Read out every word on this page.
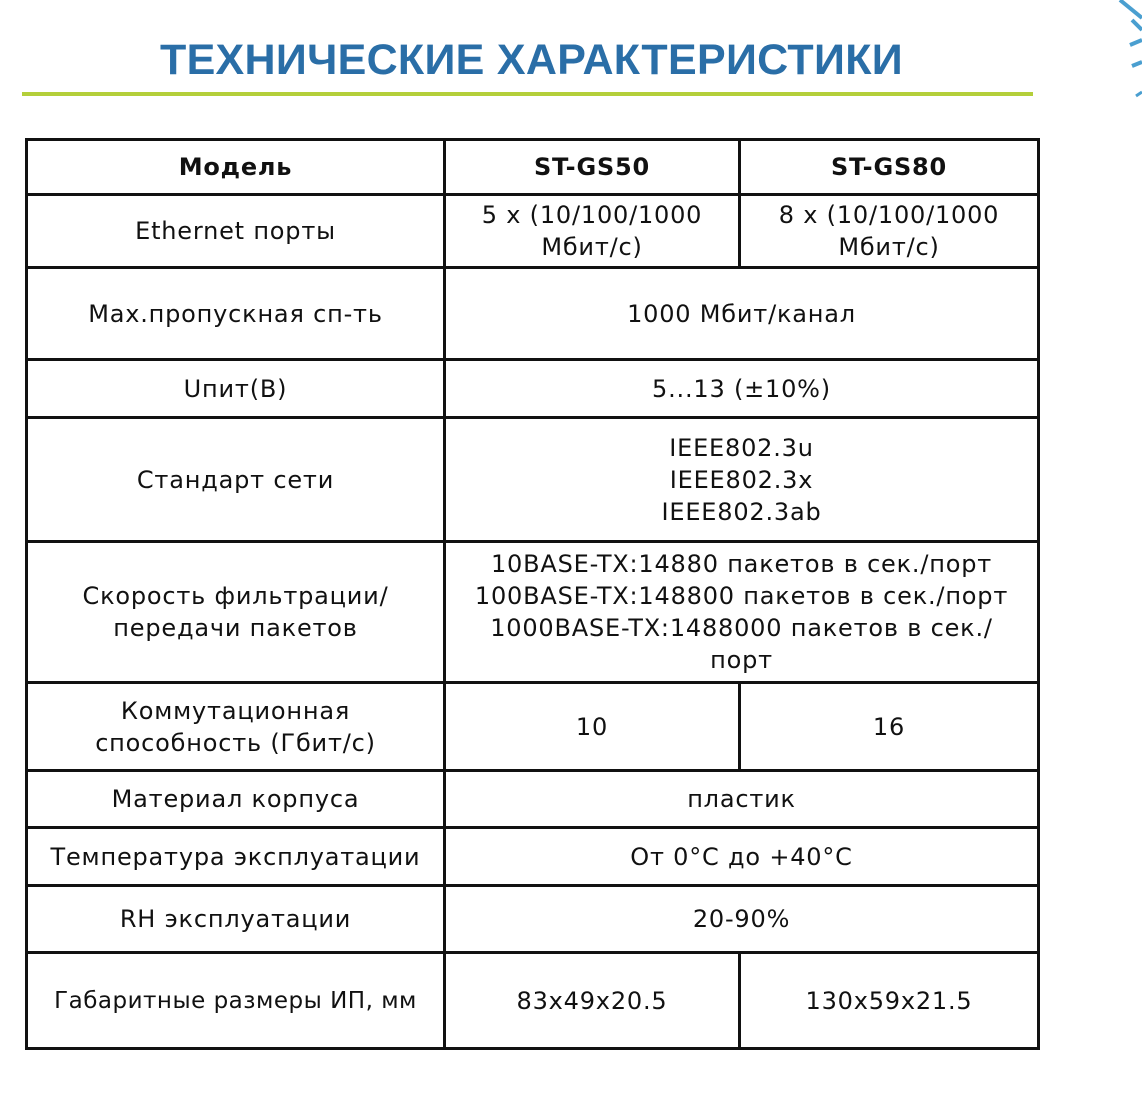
ТЕХНИЧЕСКИЕ ХАРАКТЕРИСТИКИ
Модель	ST-GS50	ST-GS80
Ethernet порты	5 x (10/100/1000 Мбит/с)	8 x (10/100/1000 Мбит/с)
Max.пропускная сп-ть	1000 Мбит/канал	
Uпит(В)	5...13 (±10%)	
Стандарт сети	IEEE802.3u
IEEE802.3x
IEEE802.3ab	

Скорость фильтрации/передачи пакетов	10BASE-TX:14880 пакетов в сек./порт
100BASE-TX:148800 пакетов в сек./порт
1000BASE-TX:1488000 пакетов в сек./порт	

Коммутационная способность (Гбит/с)	10	16
Материал корпуса	пластик	
Температура эксплуатации	От 0°C до +40°C	
RH эксплуатации	20-90%	
Габаритные размеры ИП, мм	83x49x20.5	130x59x21.5
